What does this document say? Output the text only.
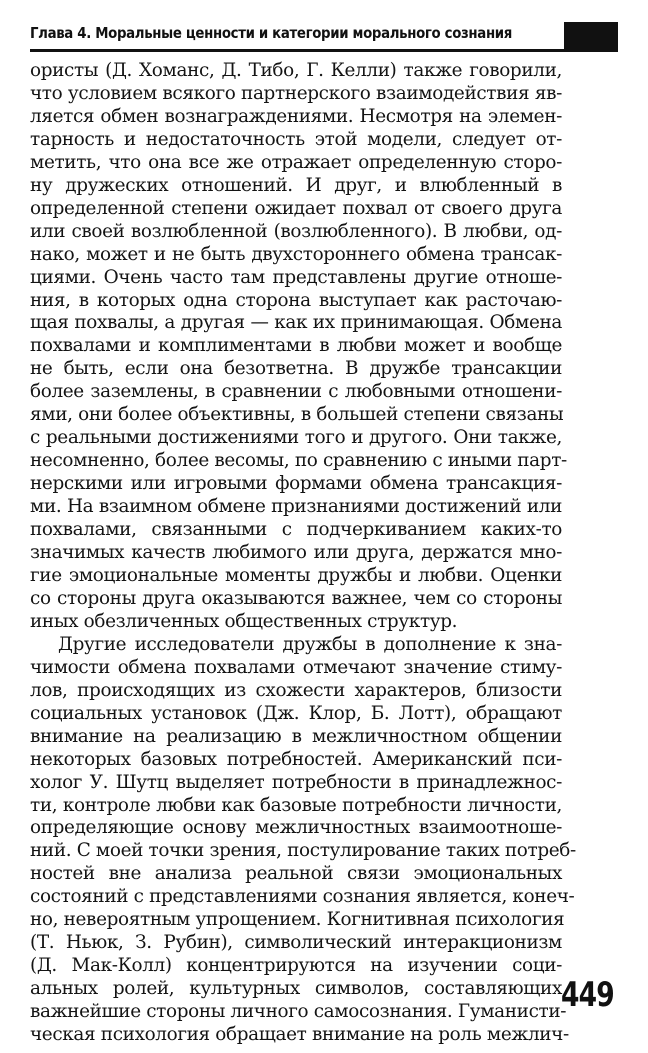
Глава 4. Моральные ценности и категории морального сознания
ористы (Д. Хоманс, Д. Тибо, Г. Келли) также говорили,
что условием всякого партнерского взаимодействия яв-
ляется обмен вознаграждениями. Несмотря на элемен-
тарность и недостаточность этой модели, следует от-
метить, что она все же отражает определенную сторо-
ну дружеских отношений. И друг, и влюбленный в
определенной степени ожидает похвал от своего друга
или своей возлюбленной (возлюбленного). В любви, од-
нако, может и не быть двухстороннего обмена трансак-
циями. Очень часто там представлены другие отноше-
ния, в которых одна сторона выступает как расточаю-
щая похвалы, а другая — как их принимающая. Обмена
похвалами и комплиментами в любви может и вообще
не быть, если она безответна. В дружбе трансакции
более заземлены, в сравнении с любовными отношени-
ями, они более объективны, в большей степени связаны
с реальными достижениями того и другого. Они также,
несомненно, более весомы, по сравнению с иными парт-
нерскими или игровыми формами обмена трансакция-
ми. На взаимном обмене признаниями достижений или
похвалами, связанными с подчеркиванием каких-то
значимых качеств любимого или друга, держатся мно-
гие эмоциональные моменты дружбы и любви. Оценки
со стороны друга оказываются важнее, чем со стороны
иных обезличенных общественных структур.
Другие исследователи дружбы в дополнение к зна-
чимости обмена похвалами отмечают значение стиму-
лов, происходящих из схожести характеров, близости
социальных установок (Дж. Клор, Б. Лотт), обращают
внимание на реализацию в межличностном общении
некоторых базовых потребностей. Американский пси-
холог У. Шутц выделяет потребности в принадлежнос-
ти, контроле любви как базовые потребности личности,
определяющие основу межличностных взаимоотноше-
ний. С моей точки зрения, постулирование таких потреб-
ностей вне анализа реальной связи эмоциональных
состояний с представлениями сознания является, конеч-
но, невероятным упрощением. Когнитивная психология
(Т. Ньюк, З. Рубин), символический интеракционизм
(Д. Мак-Колл) концентрируются на изучении соци-
альных ролей, культурных символов, составляющих
важнейшие стороны личного самосознания. Гуманисти-
ческая психология обращает внимание на роль межлич-
449
